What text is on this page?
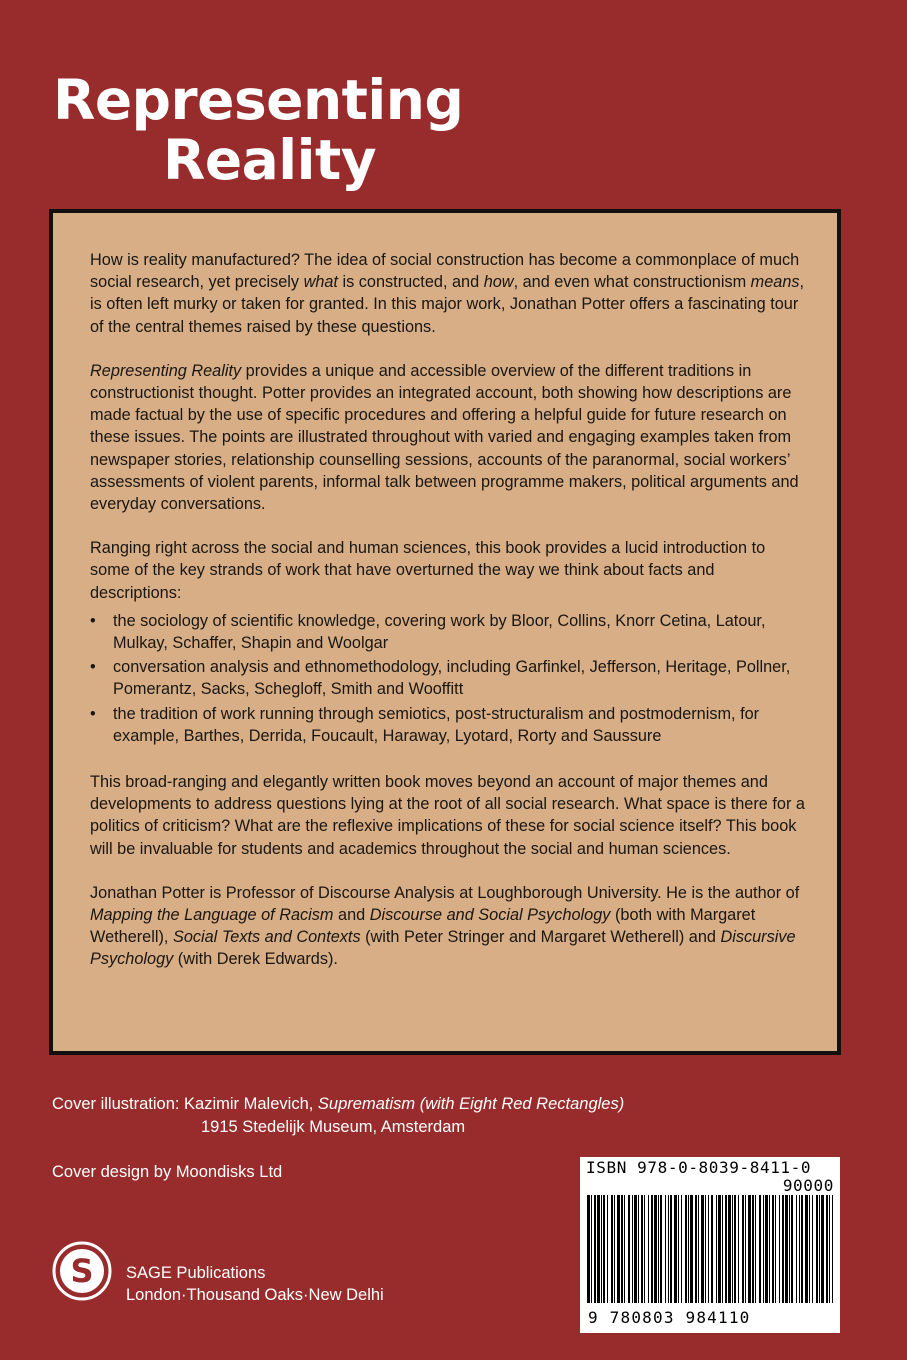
Representing
Reality

How is reality manufactured? The idea of social construction has become a commonplace of much social research, yet precisely what is constructed, and how, and even what constructionism means, is often left murky or taken for granted. In this major work, Jonathan Potter offers a fascinating tour of the central themes raised by these questions.

Representing Reality provides a unique and accessible overview of the different traditions in constructionist thought. Potter provides an integrated account, both showing how descriptions are made factual by the use of specific procedures and offering a helpful guide for future research on these issues. The points are illustrated throughout with varied and engaging examples taken from newspaper stories, relationship counselling sessions, accounts of the paranormal, social workers’ assessments of violent parents, informal talk between programme makers, political arguments and everyday conversations.

Ranging right across the social and human sciences, this book provides a lucid introduction to some of the key strands of work that have overturned the way we think about facts and descriptions:

• the sociology of scientific knowledge, covering work by Bloor, Collins, Knorr Cetina, Latour, Mulkay, Schaffer, Shapin and Woolgar
• conversation analysis and ethnomethodology, including Garfinkel, Jefferson, Heritage, Pollner, Pomerantz, Sacks, Schegloff, Smith and Wooffitt
• the tradition of work running through semiotics, post-structuralism and postmodernism, for example, Barthes, Derrida, Foucault, Haraway, Lyotard, Rorty and Saussure

This broad-ranging and elegantly written book moves beyond an account of major themes and developments to address questions lying at the root of all social research. What space is there for a politics of criticism? What are the reflexive implications of these for social science itself? This book will be invaluable for students and academics throughout the social and human sciences.

Jonathan Potter is Professor of Discourse Analysis at Loughborough University. He is the author of Mapping the Language of Racism and Discourse and Social Psychology (both with Margaret Wetherell), Social Texts and Contexts (with Peter Stringer and Margaret Wetherell) and Discursive Psychology (with Derek Edwards).

Cover illustration: Kazimir Malevich, Suprematism (with Eight Red Rectangles)
1915 Stedelijk Museum, Amsterdam
Cover design by Moondisks Ltd
S SAGE Publications
London·Thousand Oaks·New Delhi
ISBN 978-0-8039-8411-0
90000
9 780803 984110
